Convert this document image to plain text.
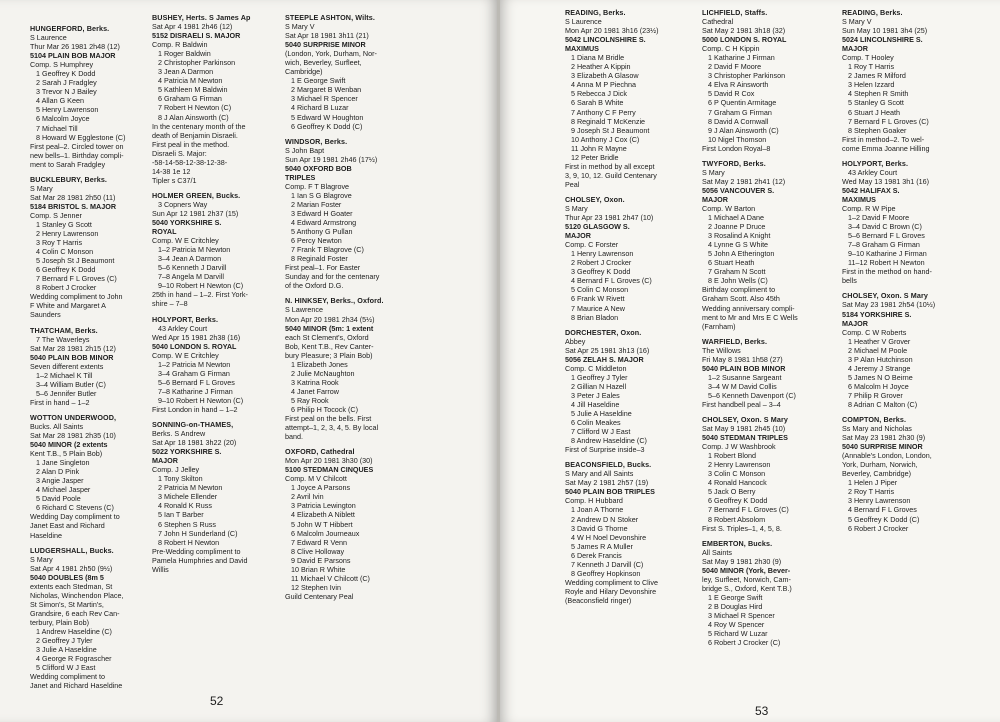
HUNGERFORD, Berks.
S Laurence
Thur Mar 26 1981 2h48 (12)
5104 PLAIN BOB MAJOR
Comp. S Humphrey
1 Geoffrey K Dodd
2 Sarah J Fradgley
3 Trevor N J Bailey
4 Allan G Keen
5 Henry Lawrenson
6 Malcolm Joyce
7 Michael Till
8 Howard W Egglestone (C)
First peal–2. Circled tower on
new bells–1. Birthday compli-
ment to Sarah Fradgley
BUCKLEBURY, Berks.
S Mary
Sat Mar 28 1981 2h50 (11)
5184 BRISTOL S. MAJOR
Comp. S Jenner
1 Stanley G Scott
2 Henry Lawrenson
3 Roy T Harris
4 Colin C Monson
5 Joseph St J Beaumont
6 Geoffrey K Dodd
7 Bernard F L Groves (C)
8 Robert J Crocker
Wedding compliment to John
F White and Margaret A
Saunders
THATCHAM, Berks.
7 The Waverleys
Sat Mar 28 1981 2h15 (12)
5040 PLAIN BOB MINOR
Seven different extents
1–2 Michael K Till
3–4 William Butler (C)
5–6 Jennifer Butler
First in hand – 1–2
WOTTON UNDERWOOD,
Bucks. All Saints
Sat Mar 28 1981 2h35 (10)
5040 MINOR (2 extents
Kent T.B., 5 Plain Bob)
1 Jane Singleton
2 Alan D Pink
3 Angie Jasper
4 Michael Jasper
5 David Poole
6 Richard C Stevens (C)
Wedding Day compliment to
Janet East and Richard
Haseldine
LUDGERSHALL, Bucks.
S Mary
Sat Apr 4 1981 2h50 (9½)
5040 DOUBLES (8m 5
extents each Stedman, St
Nicholas, Winchendon Place,
St Simon's, St Martin's,
Grandsire, 6 each Rev Can-
terbury, Plain Bob)
1 Andrew Haseldine (C)
2 Geoffrey J Tyler
3 Julie A Haseldine
4 George R Fograscher
5 Clifford W J East
Wedding compliment to
Janet and Richard Haseldine
BUSHEY, Herts. S James Ap
Sat Apr 4 1981 2h46 (12)
5152 DISRAELI S. MAJOR
Comp. R Baldwin
1 Roger Baldwin
2 Christopher Parkinson
3 Jean A Darmon
4 Patricia M Newton
5 Kathleen M Baldwin
6 Graham G Firman
7 Robert H Newton (C)
8 J Alan Ainsworth (C)
In the centenary month of the
death of Benjamin Disraeli.
First peal in the method.
Disraeli S. Major:
-58-14-58-12-38-12-38-
14-38 1e 12
Tipler s C37/1
HOLMER GREEN, Bucks.
3 Copners Way
Sun Apr 12 1981 2h37 (15)
5040 YORKSHIRE S.
ROYAL
Comp. W E Critchley
1–2 Patricia M Newton
3–4 Jean A Darmon
5–6 Kenneth J Darvill
7–8 Angela M Darvill
9–10 Robert H Newton (C)
25th in hand – 1–2. First York-
shire – 7–8
HOLYPORT, Berks.
43 Arkley Court
Wed Apr 15 1981 2h38 (16)
5040 LONDON S. ROYAL
Comp. W E Critchley
1–2 Patricia M Newton
3–4 Graham G Firman
5–6 Bernard F L Groves
7–8 Katharine J Firman
9–10 Robert H Newton (C)
First London in hand – 1–2
SONNING-on-THAMES,
Berks. S Andrew
Sat Apr 18 1981 3h22 (20)
5022 YORKSHIRE S.
MAJOR
Comp. J Jelley
1 Tony Skilton
2 Patricia M Newton
3 Michele Ellender
4 Ronald K Russ
5 Ian T Barber
6 Stephen S Russ
7 John H Sunderland (C)
8 Robert H Newton
Pre-Wedding compliment to
Pamela Humphries and David
Willis
STEEPLE ASHTON, Wilts.
S Mary V
Sat Apr 18 1981 3h11 (21)
5040 SURPRISE MINOR
(London, York, Durham, Nor-
wich, Beverley, Surfleet,
Cambridge)
1 E George Swift
2 Margaret B Wenban
3 Michael R Spencer
4 Richard B Luzar
5 Edward W Houghton
6 Geoffrey K Dodd (C)
WINDSOR, Berks.
S John Bapt
Sun Apr 19 1981 2h46 (17½)
5040 OXFORD BOB
TRIPLES
Comp. F T Blagrove
1 Ian S G Blagrove
2 Marian Foster
3 Edward H Goater
4 Edward Armstrong
5 Anthony G Pullan
6 Percy Newton
7 Frank T Blagrove (C)
8 Reginald Foster
First peal–1. For Easter
Sunday and for the centenary
of the Oxford D.G.
N. HINKSEY, Berks., Oxford.
S Lawrence
Mon Apr 20 1981 2h34 (5½)
5040 MINOR (5m: 1 extent
each St Clement's, Oxford
Bob, Kent T.B., Rev Canter-
bury Pleasure; 3 Plain Bob)
1 Elizabeth Jones
2 Julie McNaughton
3 Katrina Rook
4 Janet Farrow
5 Ray Rook
6 Philip H Tocock (C)
First peal on the bells. First
attempt–1, 2, 3, 4, 5. By local
band.
OXFORD, Cathedral
Mon Apr 20 1981 3h30 (30)
5100 STEDMAN CINQUES
Comp. M V Chilcott
1 Joyce A Parsons
2 Avril Ivin
3 Patricia Lewington
4 Elizabeth A Niblett
5 John W T Hibbert
6 Malcolm Journeaux
7 Edward R Venn
8 Clive Holloway
9 David E Parsons
10 Brian R White
11 Michael V Chilcott (C)
12 Stephen Ivin
Guild Centenary Peal
52
READING, Berks.
S Laurence
Mon Apr 20 1981 3h16 (23½)
5042 LINCOLNSHIRE S.
MAXIMUS
1 Diana M Bridle
2 Heather A Kippin
3 Elizabeth A Glasow
4 Anna M P Piechna
5 Rebecca J Dick
6 Sarah B White
7 Anthony C F Perry
8 Reginald T McKenzie
9 Joseph St J Beaumont
10 Anthony J Cox (C)
11 John R Mayne
12 Peter Bridle
First in method by all except
3, 9, 10, 12. Guild Centenary
Peal
CHOLSEY, Oxon.
S Mary
Thur Apr 23 1981 2h47 (10)
5120 GLASGOW S.
MAJOR
Comp. C Forster
1 Henry Lawrenson
2 Robert J Crocker
3 Geoffrey K Dodd
4 Bernard F L Groves (C)
5 Colin C Monson
6 Frank W Rivett
7 Maurice A New
8 Brian Bladon
DORCHESTER, Oxon.
Abbey
Sat Apr 25 1981 3h13 (16)
5056 ZELAH S. MAJOR
Comp. C Middleton
1 Geoffrey J Tyler
2 Gillian N Hazell
3 Peter J Eales
4 Jill Haseldine
5 Julie A Haseldine
6 Colin Meakes
7 Clifford W J East
8 Andrew Haseldine (C)
First of Surprise inside–3
BEACONSFIELD, Bucks.
S Mary and All Saints
Sat May 2 1981 2h57 (19)
5040 PLAIN BOB TRIPLES
Comp. H Hubbard
1 Joan A Thorne
2 Andrew D N Stoker
3 David G Thorne
4 W H Noel Devonshire
5 James R A Muller
6 Derek Francis
7 Kenneth J Darvill (C)
8 Geoffrey Hopkinson
Wedding compliment to Clive
Royle and Hilary Devonshire
(Beaconsfield ringer)
LICHFIELD, Staffs.
Cathedral
Sat May 2 1981 3h18 (32)
5000 LONDON S. ROYAL
Comp. C H Kippin
1 Katharine J Firman
2 David F Moore
3 Christopher Parkinson
4 Elva R Ainsworth
5 David R Cox
6 P Quentin Armitage
7 Graham G Firman
8 David A Cornwall
9 J Alan Ainsworth (C)
10 Nigel Thomson
First London Royal–8
TWYFORD, Berks.
S Mary
Sat May 2 1981 2h41 (12)
5056 VANCOUVER S.
MAJOR
Comp. W Barton
1 Michael A Dane
2 Joanne P Druce
3 Rosalind A Knight
4 Lynne G S White
5 John A Etherington
6 Stuart Heath
7 Graham N Scott
8 E John Wells (C)
Birthday compliment to
Graham Scott. Also 45th
Wedding anniversary compli-
ment to Mr and Mrs E C Wells
(Farnham)
WARFIELD, Berks.
The Willows
Fri May 8 1981 1h58 (27)
5040 PLAIN BOB MINOR
1–2 Susanne Sargeant
3–4 W M David Collis
5–6 Kenneth Davenport (C)
First handbell peal – 3–4
CHOLSEY, Oxon. S Mary
Sat May 9 1981 2h45 (10)
5040 STEDMAN TRIPLES
Comp. J W Washbrook
1 Robert Blond
2 Henry Lawrenson
3 Colin C Monson
4 Ronald Hancock
5 Jack O Berry
6 Geoffrey K Dodd
7 Bernard F L Groves (C)
8 Robert Absolom
First S. Triples–1, 4, 5, 8.
EMBERTON, Bucks.
All Saints
Sat May 9 1981 2h30 (9)
5040 MINOR (York, Bever-
ley, Surfleet, Norwich, Cam-
bridge S., Oxford, Kent T.B.)
1 E George Swift
2 B Douglas Hird
3 Michael R Spencer
4 Roy W Spencer
5 Richard W Luzar
6 Robert J Crocker (C)
READING, Berks.
S Mary V
Sun May 10 1981 3h4 (25)
5024 LINCOLNSHIRE S.
MAJOR
Comp. T Hooley
1 Roy T Harris
2 James R Milford
3 Helen Izzard
4 Stephen R Smith
5 Stanley G Scott
6 Stuart J Heath
7 Bernard F L Groves (C)
8 Stephen Goaker
First in method–2. To wel-
come Emma Joanne Hilling
HOLYPORT, Berks.
43 Arkley Court
Wed May 13 1981 3h1 (16)
5042 HALIFAX S.
MAXIMUS
Comp. R W Pipe
1–2 David F Moore
3–4 David C Brown (C)
5–6 Bernard F L Groves
7–8 Graham G Firman
9–10 Katharine J Firman
11–12 Robert H Newton
First in the method on hand-
bells
CHOLSEY, Oxon. S Mary
Sat May 23 1981 2h54 (10½)
5184 YORKSHIRE S.
MAJOR
Comp. C W Roberts
1 Heather V Grover
2 Michael M Poole
3 P Alan Hutchinson
4 Jeremy J Strange
5 James N O Beirne
6 Malcolm H Joyce
7 Philip R Grover
8 Adrian C Malton (C)
COMPTON, Berks.
Ss Mary and Nicholas
Sat May 23 1981 2h30 (9)
5040 SURPRISE MINOR
(Annable's London, London,
York, Durham, Norwich,
Beverley, Cambridge)
1 Helen J Piper
2 Roy T Harris
3 Henry Lawrenson
4 Bernard F L Groves
5 Geoffrey K Dodd (C)
6 Robert J Crocker
53
